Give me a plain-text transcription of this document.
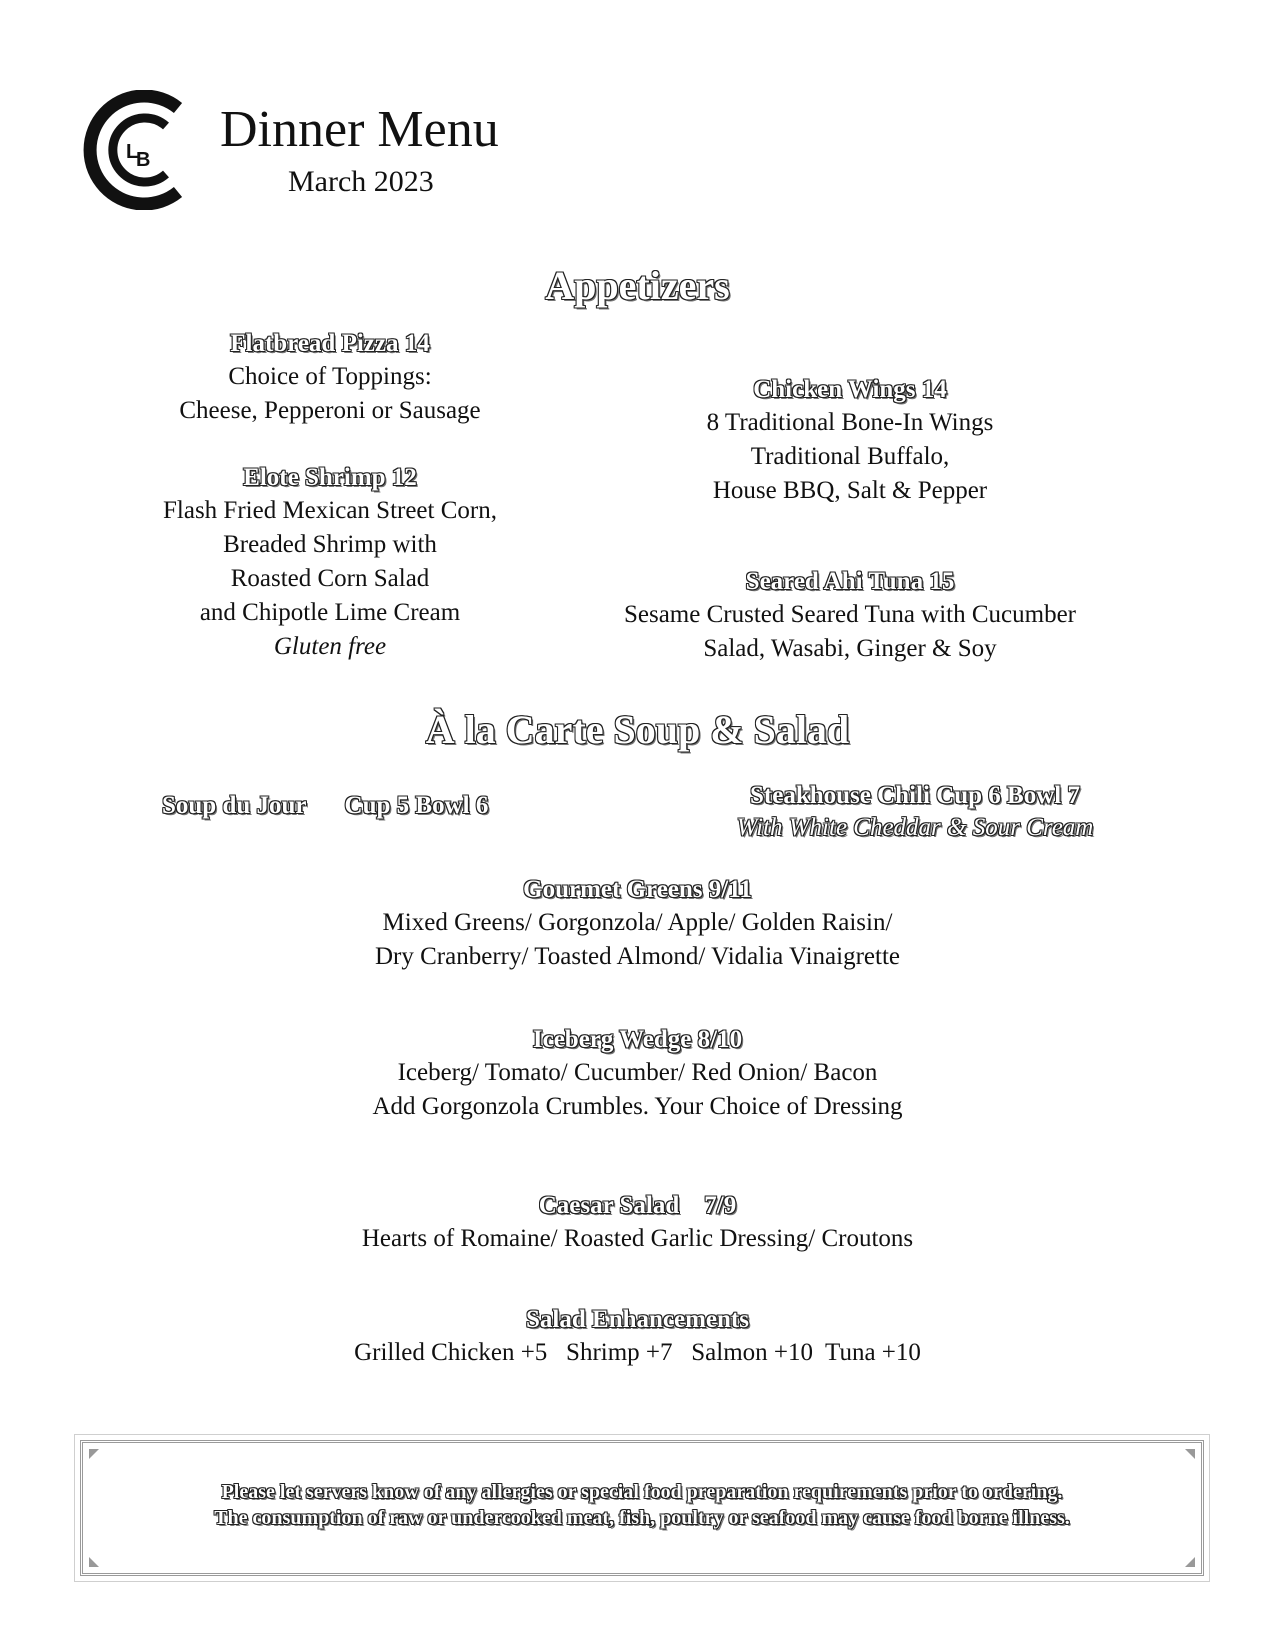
L
B
Dinner Menu
March 2023
Appetizers
Flatbread Pizza 14
Choice of Toppings:
Cheese, Pepperoni or Sausage
Elote Shrimp 12
Flash Fried Mexican Street Corn,
Breaded Shrimp with
Roasted Corn Salad
and Chipotle Lime Cream
Gluten free
Chicken Wings 14
8 Traditional Bone-In Wings
Traditional Buffalo,
House BBQ, Salt & Pepper
Seared Ahi Tuna 15
Sesame Crusted Seared Tuna with Cucumber
Salad, Wasabi, Ginger & Soy
À la Carte Soup & Salad
Soup du Jour Cup 5 Bowl 6	Steakhouse Chili Cup 6 Bowl 7
With White Cheddar & Sour Cream
Gourmet Greens 9/11
Mixed Greens/ Gorgonzola/ Apple/ Golden Raisin/
Dry Cranberry/ Toasted Almond/ Vidalia Vinaigrette
Iceberg Wedge 8/10
Iceberg/ Tomato/ Cucumber/ Red Onion/ Bacon
Add Gorgonzola Crumbles. Your Choice of Dressing
Caesar Salad    7/9
Hearts of Romaine/ Roasted Garlic Dressing/ Croutons
Salad Enhancements
Grilled Chicken +5   Shrimp +7   Salmon +10  Tuna +10
Please let servers know of any allergies or special food preparation requirements prior to ordering.
The consumption of raw or undercooked meat, fish, poultry or seafood may cause food borne illness.
